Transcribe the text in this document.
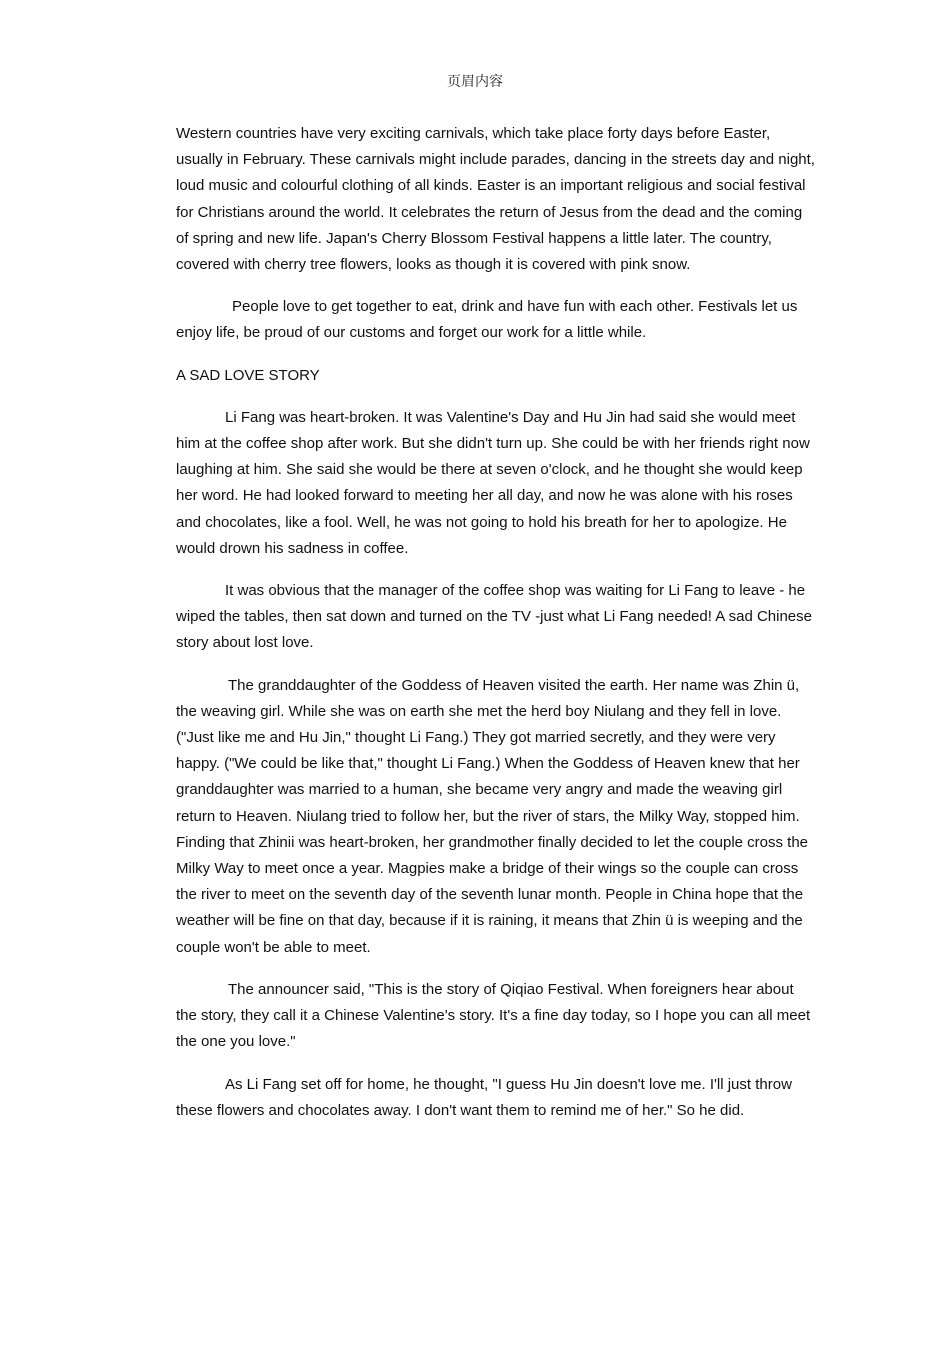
页眉内容

Western countries have very exciting carnivals, which take place forty days before Easter, usually in February. These carnivals might include parades, dancing in the streets day and night, loud music and colourful clothing of all kinds. Easter is an important religious and social festival for Christians around the world. It celebrates the return of Jesus from the dead and the coming of spring and new life. Japan's Cherry Blossom Festival happens a little later. The country, covered with cherry tree flowers, looks as though it is covered with pink snow.

People love to get together to eat, drink and have fun with each other. Festivals let us enjoy life, be proud of our customs and forget our work for a little while.

A SAD LOVE STORY

Li Fang was heart-broken. It was Valentine's Day and Hu Jin had said she would meet him at the coffee shop after work. But she didn't turn up. She could be with her friends right now laughing at him. She said she would be there at seven o'clock, and he thought she would keep her word. He had looked forward to meeting her all day, and now he was alone with his roses and chocolates, like a fool. Well, he was not going to hold his breath for her to apologize. He would drown his sadness in coffee.

It was obvious that the manager of the coffee shop was waiting for Li Fang to leave - he wiped the tables, then sat down and turned on the TV -just what Li Fang needed! A sad Chinese story about lost love.

The granddaughter of the Goddess of Heaven visited the earth. Her name was Zhin ü, the weaving girl. While she was on earth she met the herd boy Niulang and they fell in love. ("Just like me and Hu Jin," thought Li Fang.) They got married secretly, and they were very happy. ("We could be like that," thought Li Fang.) When the Goddess of Heaven knew that her granddaughter was married to a human, she became very angry and made the weaving girl return to Heaven. Niulang tried to follow her, but the river of stars, the Milky Way, stopped him. Finding that Zhinii was heart-broken, her grandmother finally decided to let the couple cross the Milky Way to meet once a year. Magpies make a bridge of their wings so the couple can cross the river to meet on the seventh day of the seventh lunar month. People in China hope that the weather will be fine on that day, because if it is raining, it means that Zhin ü is weeping and the couple won't be able to meet.

The announcer said, "This is the story of Qiqiao Festival. When foreigners hear about the story, they call it a Chinese Valentine's story. It's a fine day today, so I hope you can all meet the one you love."

As Li Fang set off for home, he thought, "I guess Hu Jin doesn't love me. I'll just throw these flowers and chocolates away. I don't want them to remind me of her." So he did.
